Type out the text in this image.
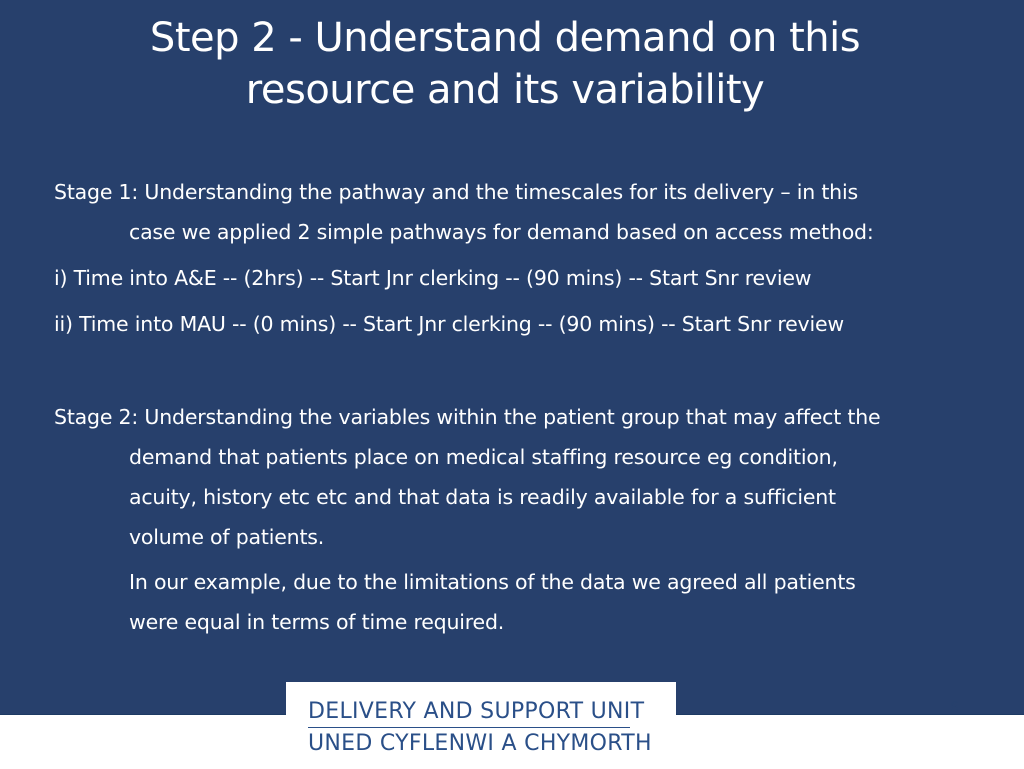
Step 2 - Understand demand on this
resource and its variability

Stage 1: Understanding the pathway and the timescales for its delivery – in this
case we applied 2 simple pathways for demand based on access method:

i) Time into A&E -- (2hrs) -- Start Jnr clerking -- (90 mins) -- Start Snr review

ii) Time into MAU -- (0 mins) -- Start Jnr clerking -- (90 mins) -- Start Snr review

Stage 2: Understanding the variables within the patient group that may affect the
demand that patients place on medical staffing resource eg condition,
acuity, history etc etc and that data is readily available for a sufficient
volume of patients.

In our example, due to the limitations of the data we agreed all patients
were equal in terms of time required.

6
DELIVERY AND SUPPORT UNIT
UNED CYFLENWI A CHYMORTH
